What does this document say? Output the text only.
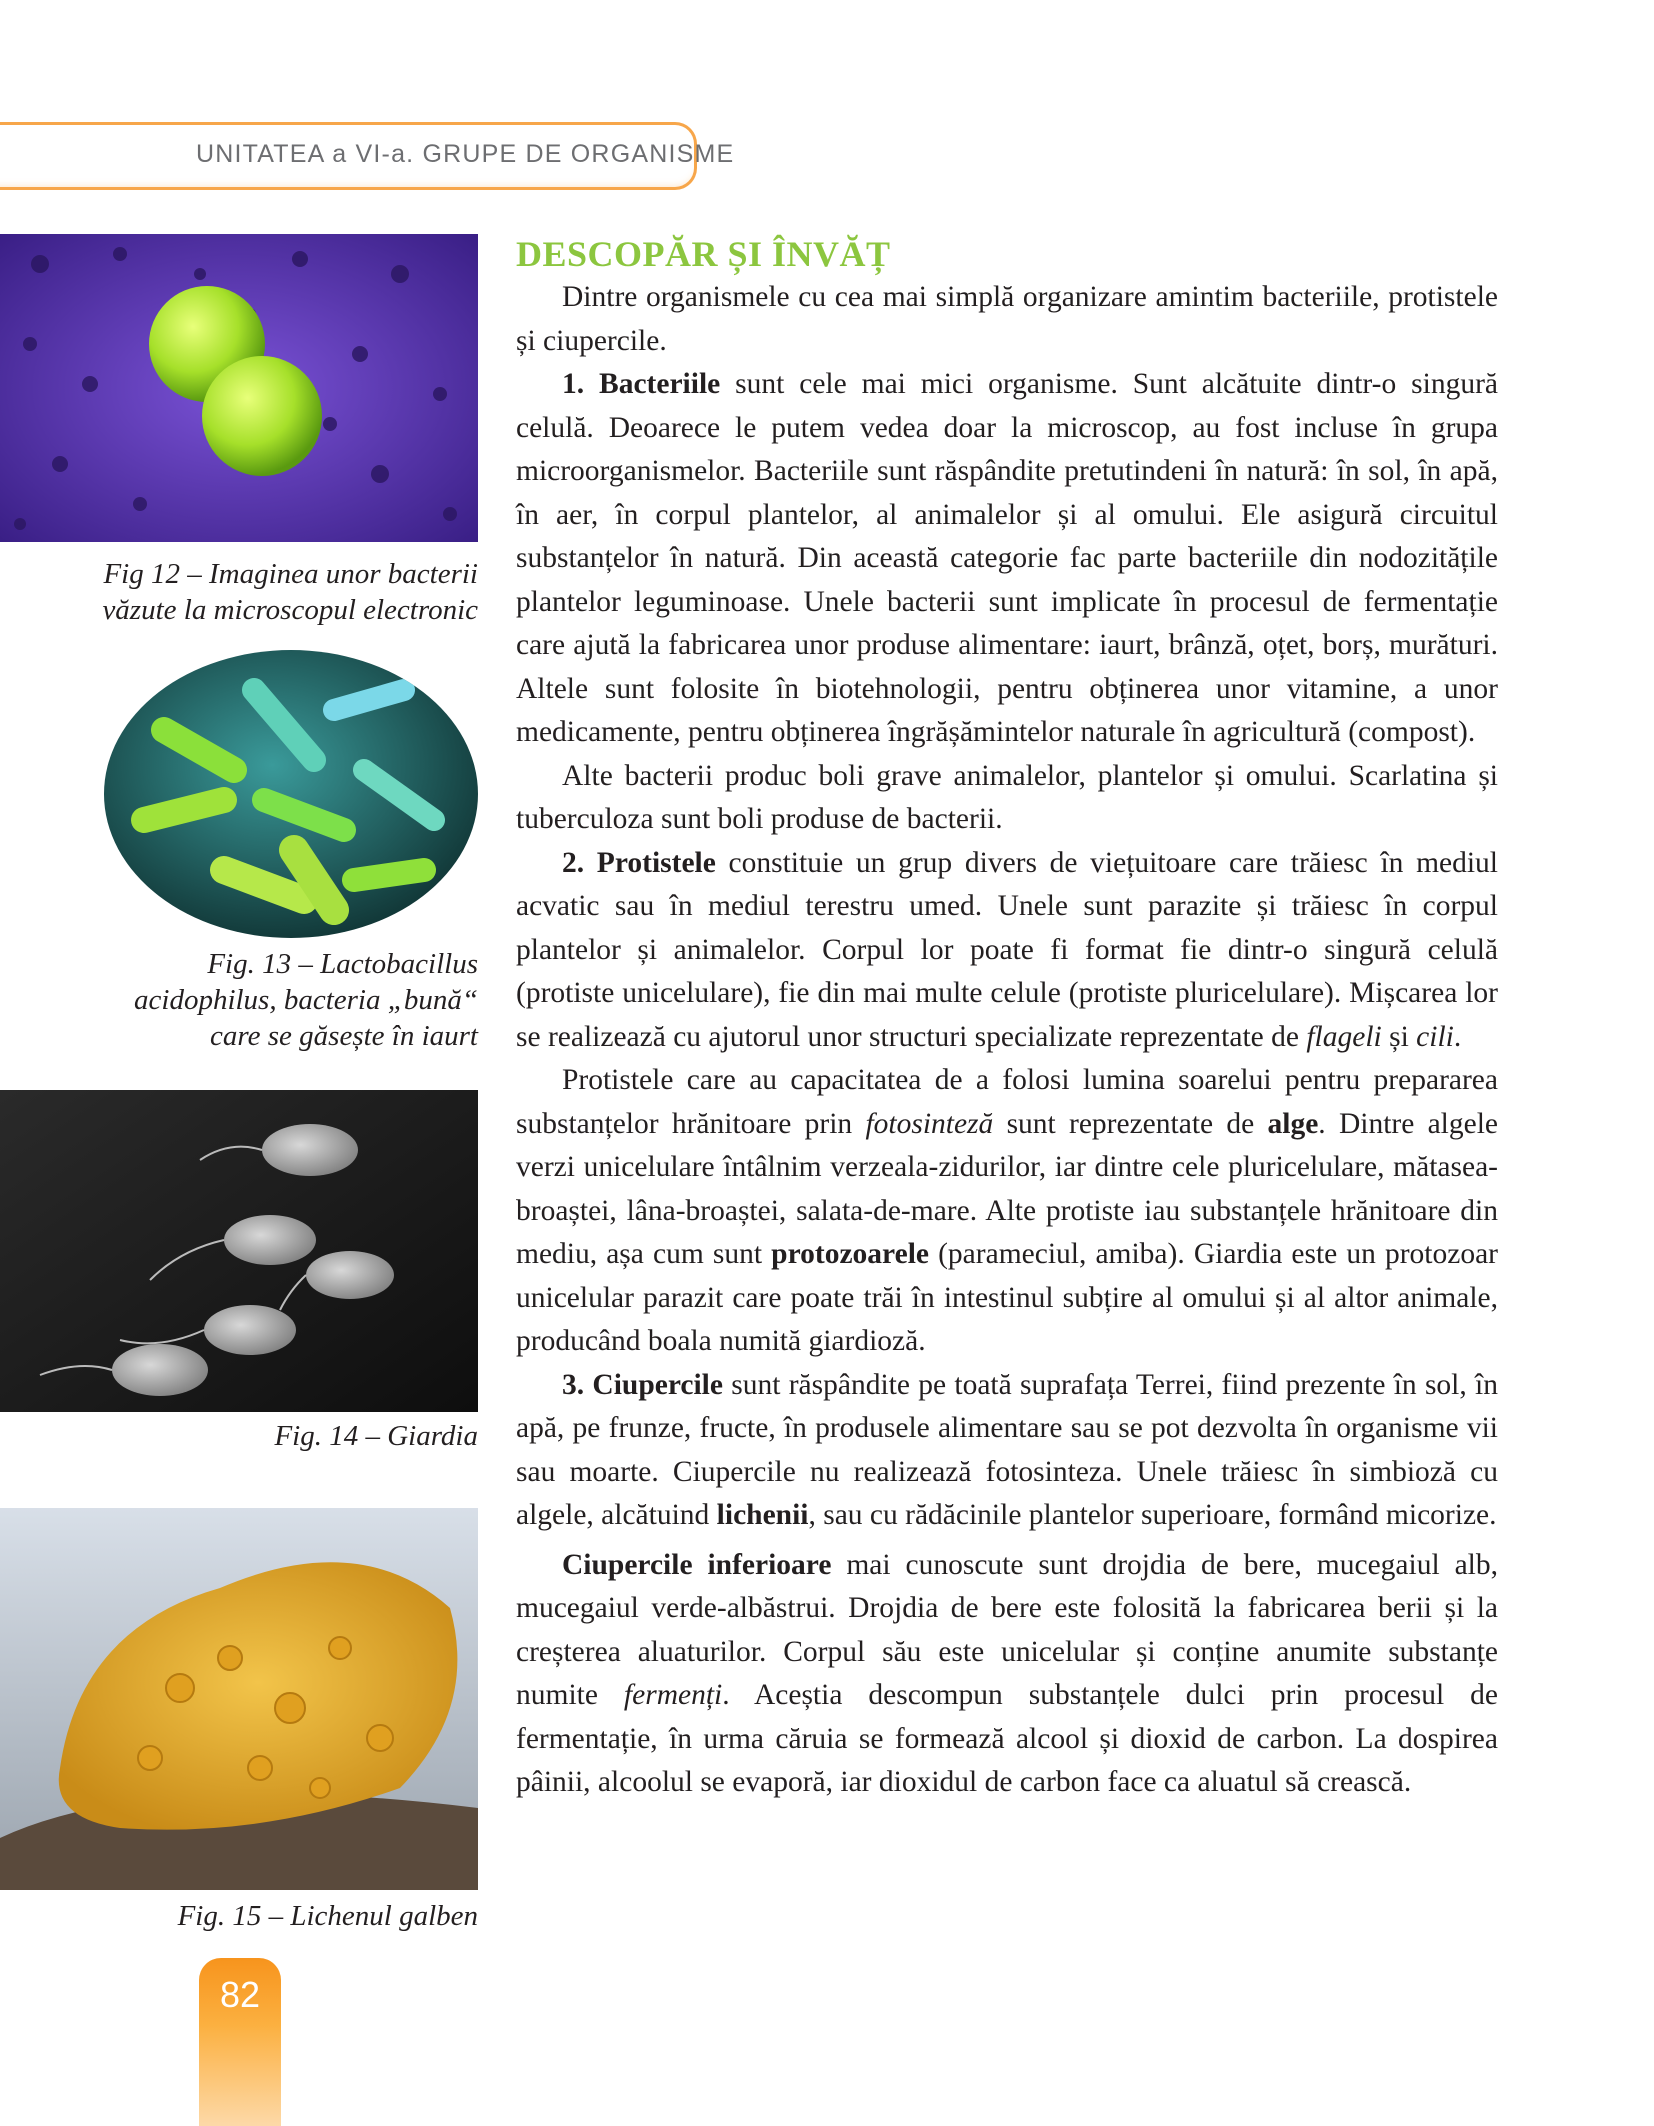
UNITATEA a VI-a. GRUPE DE ORGANISME
Fig 12 – Imaginea unor bacterii
văzute la microscopul electronic
Fig. 13 – Lactobacillus
acidophilus, bacteria „bună“
care se găsește în iaurt
Fig. 14 – Giardia
Fig. 15 – Lichenul galben
DESCOPĂR ȘI ÎNVĂȚ

Dintre organismele cu cea mai simplă organizare amintim bacteriile, protistele și ciupercile.

1. Bacteriile sunt cele mai mici organisme. Sunt alcătuite dintr-o singură celulă. Deoarece le putem vedea doar la microscop, au fost incluse în grupa microorganismelor. Bacteriile sunt răspândite pretutindeni în natură: în sol, în apă, în aer, în corpul plantelor, al animalelor și al omului. Ele asigură circuitul substanțelor în natură. Din această categorie fac parte bacteriile din nodozitățile plantelor leguminoase. Unele bacterii sunt implicate în procesul de fermentație care ajută la fabricarea unor produse alimentare: iaurt, brânză, oțet, borș, murături. Altele sunt folosite în biotehnologii, pentru obținerea unor vitamine, a unor medicamente, pentru obținerea îngrășămintelor naturale în agricultură (compost).

Alte bacterii produc boli grave animalelor, plantelor și omului. Scarlatina și tuberculoza sunt boli produse de bacterii.

2. Protistele constituie un grup divers de viețuitoare care trăiesc în mediul acvatic sau în mediul terestru umed. Unele sunt parazite și trăiesc în corpul plantelor și animalelor. Corpul lor poate fi format fie dintr-o singură celulă (protiste unicelulare), fie din mai multe celule (protiste pluricelulare). Mișcarea lor se realizează cu ajutorul unor structuri specializate reprezentate de flageli și cili.

Protistele care au capacitatea de a folosi lumina soarelui pentru prepararea substanțelor hrănitoare prin fotosinteză sunt reprezentate de alge. Dintre algele verzi unicelulare întâlnim verzeala-zidurilor, iar dintre cele pluricelulare, mătasea-broaștei, lâna-broaștei, salata-de-mare. Alte protiste iau substanțele hrănitoare din mediu, așa cum sunt protozoarele (parameciul, amiba). Giardia este un protozoar unicelular parazit care poate trăi în intestinul subțire al omului și al altor animale, producând boala numită giardioză.

3. Ciupercile sunt răspândite pe toată suprafața Terrei, fiind prezente în sol, în apă, pe frunze, fructe, în produsele alimentare sau se pot dezvolta în organisme vii sau moarte. Ciupercile nu realizează fotosinteza. Unele trăiesc în simbioză cu algele, alcătuind lichenii, sau cu rădăcinile plantelor superioare, formând micorize.

Ciupercile inferioare mai cunoscute sunt drojdia de bere, mucegaiul alb, mucegaiul verde-albăstrui. Drojdia de bere este folosită la fabricarea berii și la creșterea aluaturilor. Corpul său este unicelular și conține anumite substanțe numite fermenți. Aceștia descompun substanțele dulci prin procesul de fermentație, în urma căruia se formează alcool și dioxid de carbon. La dospirea pâinii, alcoolul se evaporă, iar dioxidul de carbon face ca aluatul să crească.

82
